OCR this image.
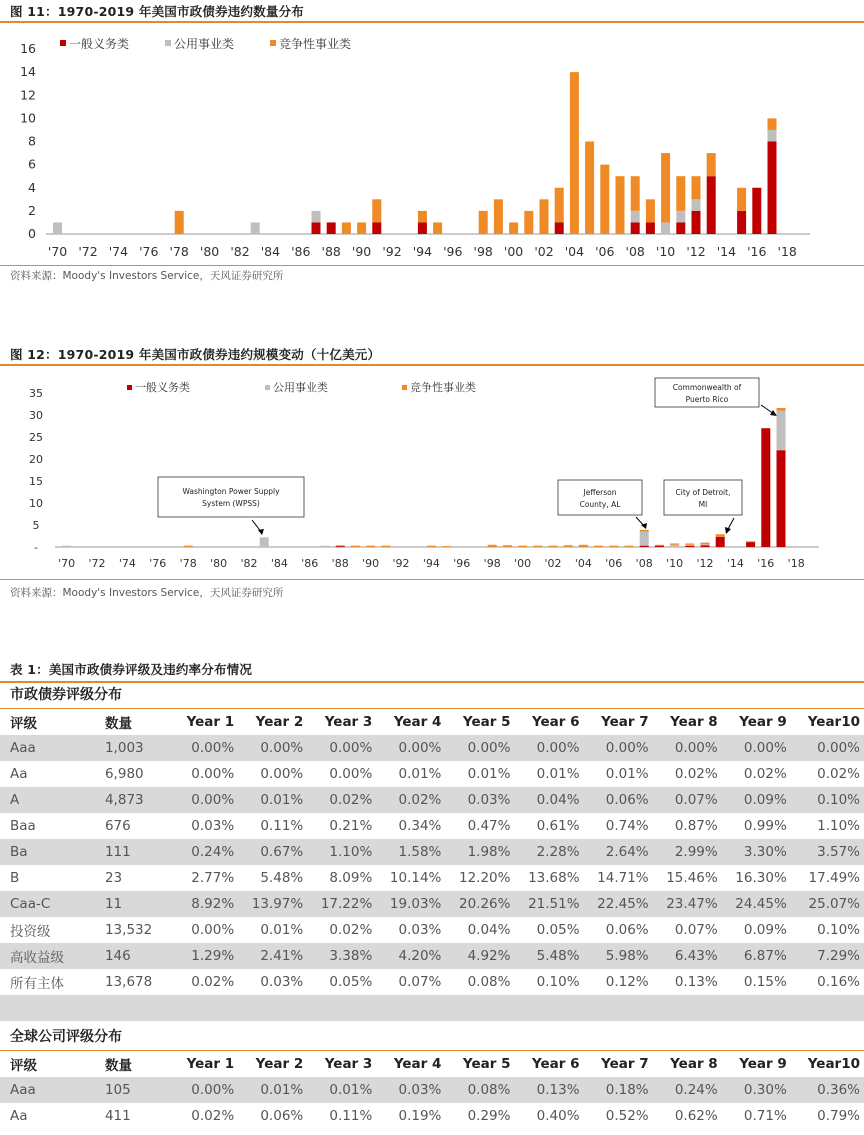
图 11：1970-2019 年美国市政债券违约数量分布
一般义务类	公用事业类	竞争性事业类
0
2
4
6
8
10
12
14
16
'70 '72 '74 '76 '78 '80 '82 '84 '86 '88 '90 '92 '94 '96 '98 '00 '02 '04 '06 '08 '10 '12 '14 '16 '18
资料来源：Moody's Investors Service，天风证券研究所
图 12：1970-2019 年美国市政债券违约规模变动（十亿美元）
一般义务类	公用事业类	竞争性事业类
Washington Power Supply
System (WPSS)
Jefferson
County, AL
City of Detroit,
MI
Commonwealth of
Puerto Rico
-
5
10
15
20
25
30
35
'70 '72 '74 '76 '78 '80 '82 '84 '86 '88 '90 '92 '94 '96 '98 '00 '02 '04 '06 '08 '10 '12 '14 '16 '18
资料来源：Moody's Investors Service，天风证券研究所
表 1：美国市政债券评级及违约率分布情况
市政债券评级分布
评级	数量	Year 1	Year 2	Year 3	Year 4	Year 5	Year 6	Year 7	Year 8	Year 9	Year10
Aaa	1,003	0.00%	0.00%	0.00%	0.00%	0.00%	0.00%	0.00%	0.00%	0.00%	0.00%
Aa	6,980	0.00%	0.00%	0.00%	0.01%	0.01%	0.01%	0.01%	0.02%	0.02%	0.02%
A	4,873	0.00%	0.01%	0.02%	0.02%	0.03%	0.04%	0.06%	0.07%	0.09%	0.10%
Baa	676	0.03%	0.11%	0.21%	0.34%	0.47%	0.61%	0.74%	0.87%	0.99%	1.10%
Ba	111	0.24%	0.67%	1.10%	1.58%	1.98%	2.28%	2.64%	2.99%	3.30%	3.57%
B	23	2.77%	5.48%	8.09%	10.14%	12.20%	13.68%	14.71%	15.46%	16.30%	17.49%
Caa-C	11	8.92%	13.97%	17.22%	19.03%	20.26%	21.51%	22.45%	23.47%	24.45%	25.07%
投资级	13,532	0.00%	0.01%	0.02%	0.03%	0.04%	0.05%	0.06%	0.07%	0.09%	0.10%
高收益级	146	1.29%	2.41%	3.38%	4.20%	4.92%	5.48%	5.98%	6.43%	6.87%	7.29%
所有主体	13,678	0.02%	0.03%	0.05%	0.07%	0.08%	0.10%	0.12%	0.13%	0.15%	0.16%

全球公司评级分布
评级	数量	Year 1	Year 2	Year 3	Year 4	Year 5	Year 6	Year 7	Year 8	Year 9	Year10
Aaa	105	0.00%	0.01%	0.01%	0.03%	0.08%	0.13%	0.18%	0.24%	0.30%	0.36%
Aa	411	0.02%	0.06%	0.11%	0.19%	0.29%	0.40%	0.52%	0.62%	0.71%	0.79%
